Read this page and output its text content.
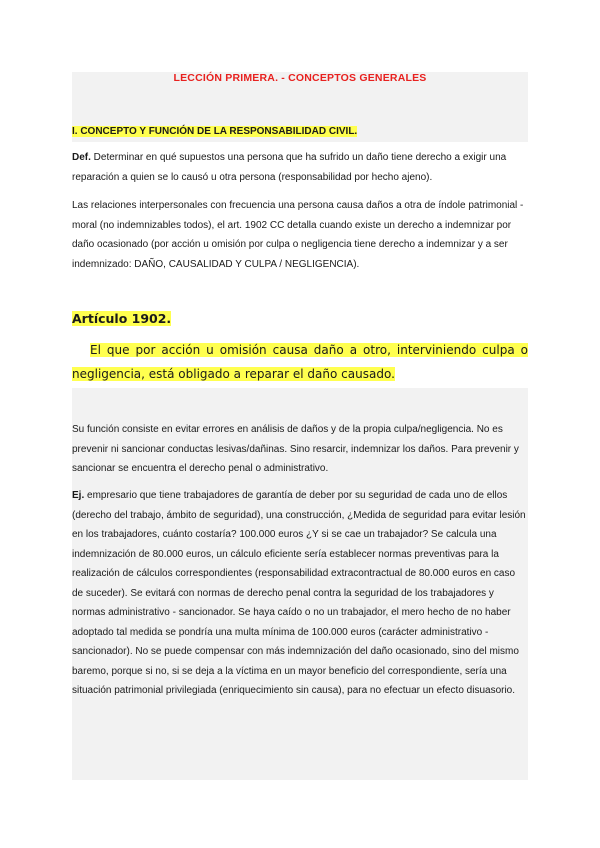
LECCIÓN PRIMERA. - CONCEPTOS GENERALES
I. CONCEPTO Y FUNCIÓN DE LA RESPONSABILIDAD CIVIL.

Def. Determinar en qué supuestos una persona que ha sufrido un daño tiene derecho a exigir una reparación a quien se lo causó u otra persona (responsabilidad por hecho ajeno).

Las relaciones interpersonales con frecuencia una persona causa daños a otra de índole patrimonial - moral (no indemnizables todos), el art. 1902 CC detalla cuando existe un derecho a indemnizar por daño ocasionado (por acción u omisión por culpa o negligencia tiene derecho a indemnizar y a ser indemnizado: DAÑO, CAUSALIDAD Y CULPA / NEGLIGENCIA).

Artículo 1902.

El que por acción u omisión causa daño a otro, interviniendo culpa o negligencia, está obligado a reparar el daño causado.

Su función consiste en evitar errores en análisis de daños y de la propia culpa/negligencia. No es prevenir ni sancionar conductas lesivas/dañinas. Sino resarcir, indemnizar los daños. Para prevenir y sancionar se encuentra el derecho penal o administrativo.

Ej. empresario que tiene trabajadores de garantía de deber por su seguridad de cada uno de ellos (derecho del trabajo, ámbito de seguridad), una construcción, ¿Medida de seguridad para evitar lesión en los trabajadores, cuánto costaría? 100.000 euros ¿Y si se cae un trabajador? Se calcula una indemnización de 80.000 euros, un cálculo eficiente sería establecer normas preventivas para la realización de cálculos correspondientes (responsabilidad extracontractual de 80.000 euros en caso de suceder). Se evitará con normas de derecho penal contra la seguridad de los trabajadores y normas administrativo - sancionador. Se haya caído o no un trabajador, el mero hecho de no haber adoptado tal medida se pondría una multa mínima de 100.000 euros (carácter administrativo - sancionador). No se puede compensar con más indemnización del daño ocasionado, sino del mismo baremo, porque si no, si se deja a la víctima en un mayor beneficio del correspondiente, sería una situación patrimonial privilegiada (enriquecimiento sin causa), para no efectuar un efecto disuasorio.
